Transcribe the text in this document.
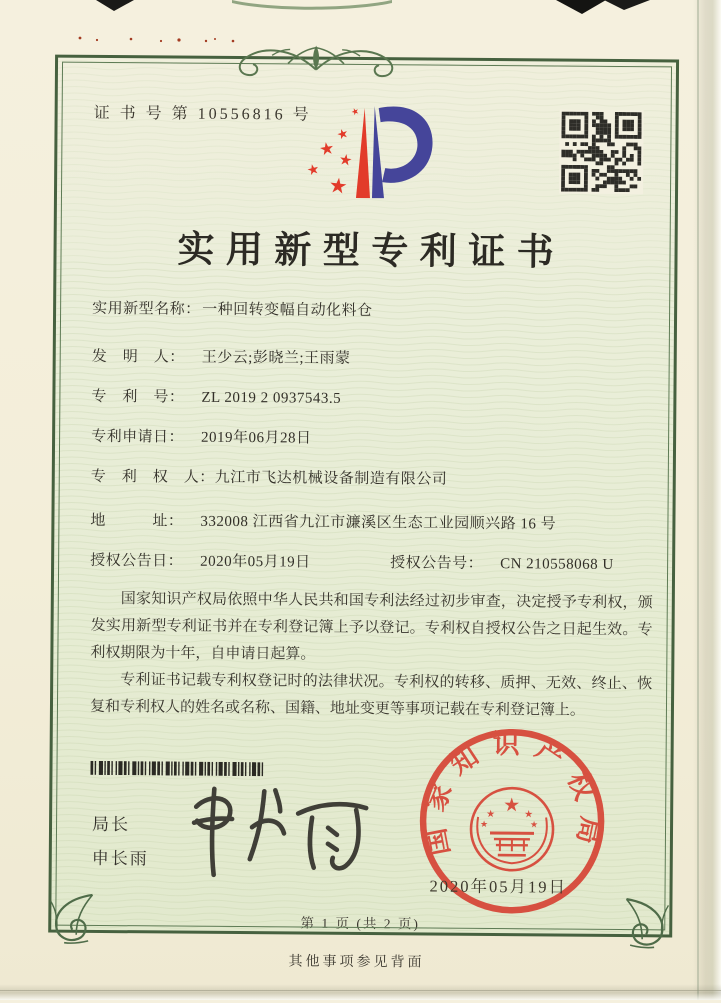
证 书 号 第 10556816 号
★
★
★
★
★
★
实用新型专利证书
实用新型名称：一种回转变幅自动化料仓
发　明　人： 王少云;彭晓兰;王雨蒙
专　利　号： ZL 2019 2 0937543.5
专利申请日： 2019年06月28日
专　利　权　人：九江市飞达机械设备制造有限公司
地　　　址： 332008 江西省九江市濂溪区生态工业园顺兴路 16 号
授权公告日： 2020年05月19日	授权公告号： CN 210558068 U

国家知识产权局依照中华人民共和国专利法经过初步审查，决定授予专利权，颁发实用新型专利证书并在专利登记簿上予以登记。专利权自授权公告之日起生效。专利权期限为十年，自申请日起算。

专利证书记载专利权登记时的法律状况。专利权的转移、质押、无效、终止、恢复和专利权人的姓名或名称、国籍、地址变更等事项记载在专利登记簿上。

局长
申长雨
国家知识产权局
★
★	★
★	★
2020年05月19日
第 1 页 (共 2 页)
其他事项参见背面
